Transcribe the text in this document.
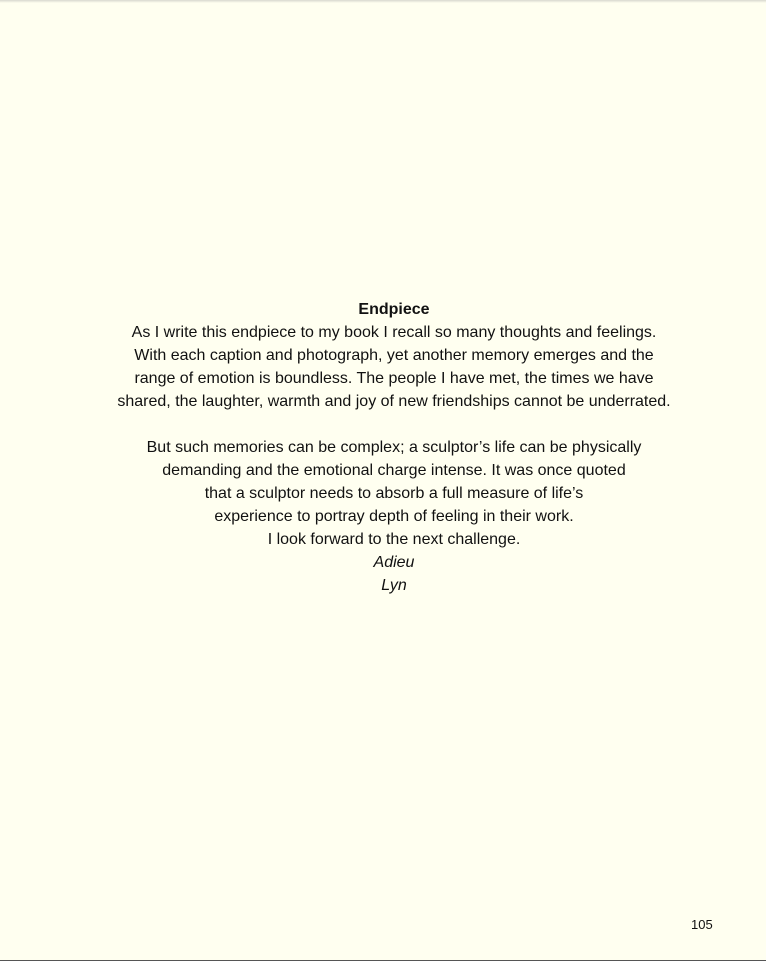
Endpiece
As I write this endpiece to my book I recall so many thoughts and feelings.
With each caption and photograph, yet another memory emerges and the
range of emotion is boundless. The people I have met, the times we have
shared, the laughter, warmth and joy of new friendships cannot be underrated.
But such memories can be complex; a sculptor’s life can be physically
demanding and the emotional charge intense. It was once quoted
that a sculptor needs to absorb a full measure of life’s
experience to portray depth of feeling in their work.
I look forward to the next challenge.
Adieu
Lyn
105
